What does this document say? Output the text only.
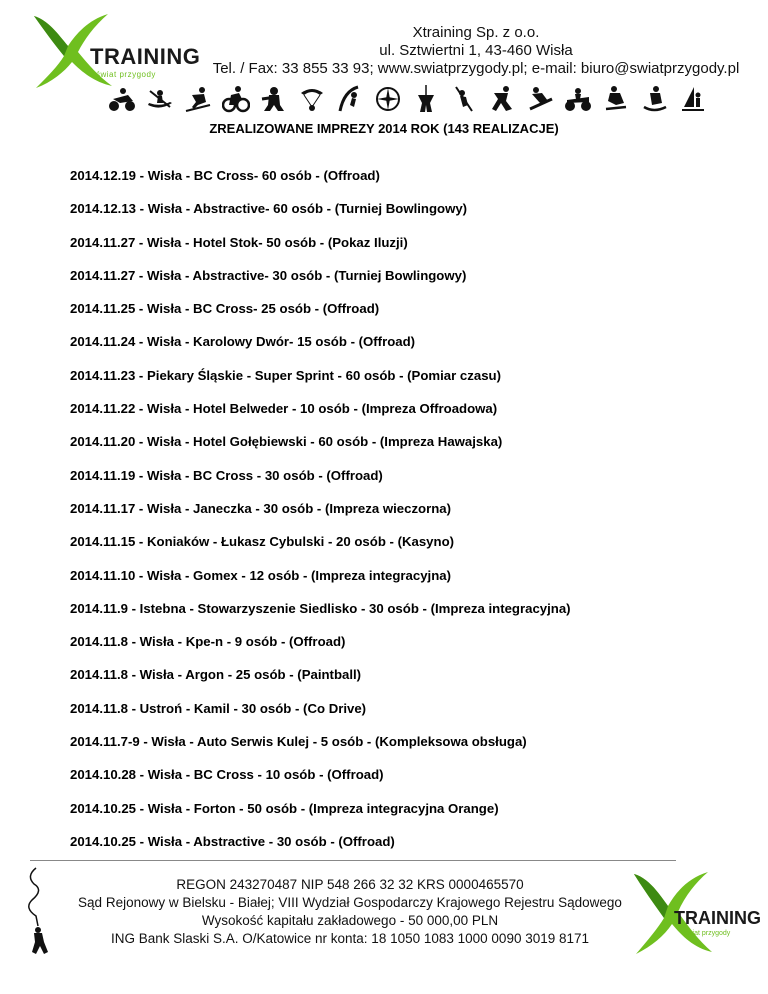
TRAINING
świat przygody
Xtraining Sp. z o.o.
ul. Sztwiertni 1, 43-460 Wisła
Tel. / Fax: 33 855 33 93; www.swiatprzygody.pl; e-mail: biuro@swiatprzygody.pl
ZREALIZOWANE IMPREZY 2014 ROK (143 REALIZACJE)
2014.12.19 - Wisła - BC Cross- 60 osób - (Offroad)
2014.12.13 - Wisła - Abstractive- 60 osób - (Turniej Bowlingowy)
2014.11.27 - Wisła - Hotel Stok- 50 osób - (Pokaz Iluzji)
2014.11.27 - Wisła - Abstractive- 30 osób - (Turniej Bowlingowy)
2014.11.25 - Wisła - BC Cross- 25 osób - (Offroad)
2014.11.24 - Wisła - Karolowy Dwór- 15 osób - (Offroad)
2014.11.23 - Piekary Śląskie - Super Sprint - 60 osób - (Pomiar czasu)
2014.11.22 - Wisła - Hotel Belweder - 10 osób - (Impreza Offroadowa)
2014.11.20 - Wisła - Hotel Gołębiewski - 60 osób - (Impreza Hawajska)
2014.11.19 - Wisła - BC Cross - 30 osób - (Offroad)
2014.11.17 - Wisła - Janeczka - 30 osób - (Impreza wieczorna)
2014.11.15 - Koniaków - Łukasz Cybulski - 20 osób - (Kasyno)
2014.11.10 - Wisła - Gomex - 12 osób - (Impreza integracyjna)
2014.11.9 - Istebna - Stowarzyszenie Siedlisko - 30 osób - (Impreza integracyjna)
2014.11.8 - Wisła - Kpe-n - 9 osób - (Offroad)
2014.11.8 - Wisła - Argon - 25 osób - (Paintball)
2014.11.8 - Ustroń - Kamil - 30 osób - (Co Drive)
2014.11.7-9 - Wisła - Auto Serwis Kulej - 5 osób - (Kompleksowa obsługa)
2014.10.28 - Wisła - BC Cross - 10 osób - (Offroad)
2014.10.25 - Wisła - Forton - 50 osób - (Impreza integracyjna Orange)
2014.10.25 - Wisła - Abstractive - 30 osób - (Offroad)
REGON 243270487 NIP 548 266 32 32 KRS 0000465570
Sąd Rejonowy w Bielsku - Białej; VIII Wydział Gospodarczy Krajowego Rejestru Sądowego
Wysokość kapitału zakładowego - 50 000,00 PLN
ING Bank Slaski S.A. O/Katowice nr konta: 18 1050 1083 1000 0090 3019 8171
TRAINING
świat przygody
